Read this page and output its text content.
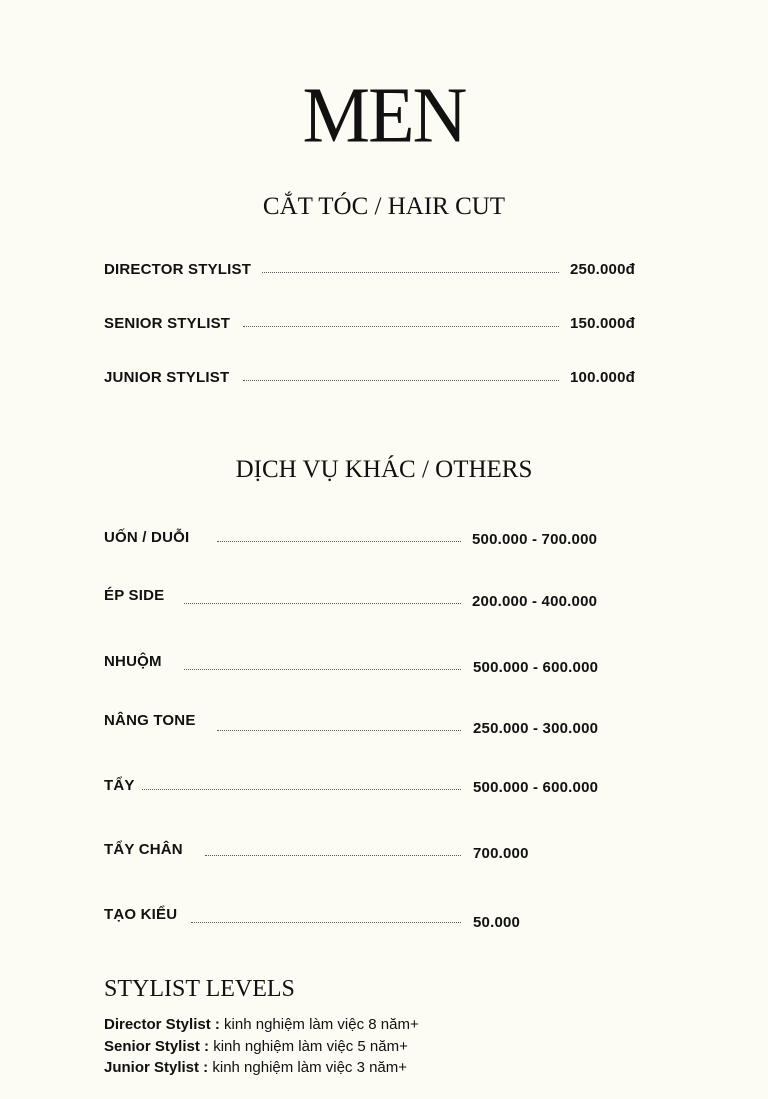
MEN
CẮT TÓC / HAIR CUT
DIRECTOR STYLIST	250.000đ
SENIOR STYLIST	150.000đ
JUNIOR STYLIST	100.000đ
DỊCH VỤ KHÁC / OTHERS
UỐN / DUỖI	500.000 - 700.000
ÉP SIDE	200.000 - 400.000
NHUỘM	500.000 - 600.000
NÂNG TONE	250.000 - 300.000
TẨY	500.000 - 600.000
TẨY CHÂN	700.000
TẠO KIỂU	50.000
STYLIST LEVELS
Director Stylist : kinh nghiệm làm việc 8 năm+
Senior Stylist : kinh nghiệm làm việc 5 năm+
Junior Stylist : kinh nghiệm làm việc 3 năm+
